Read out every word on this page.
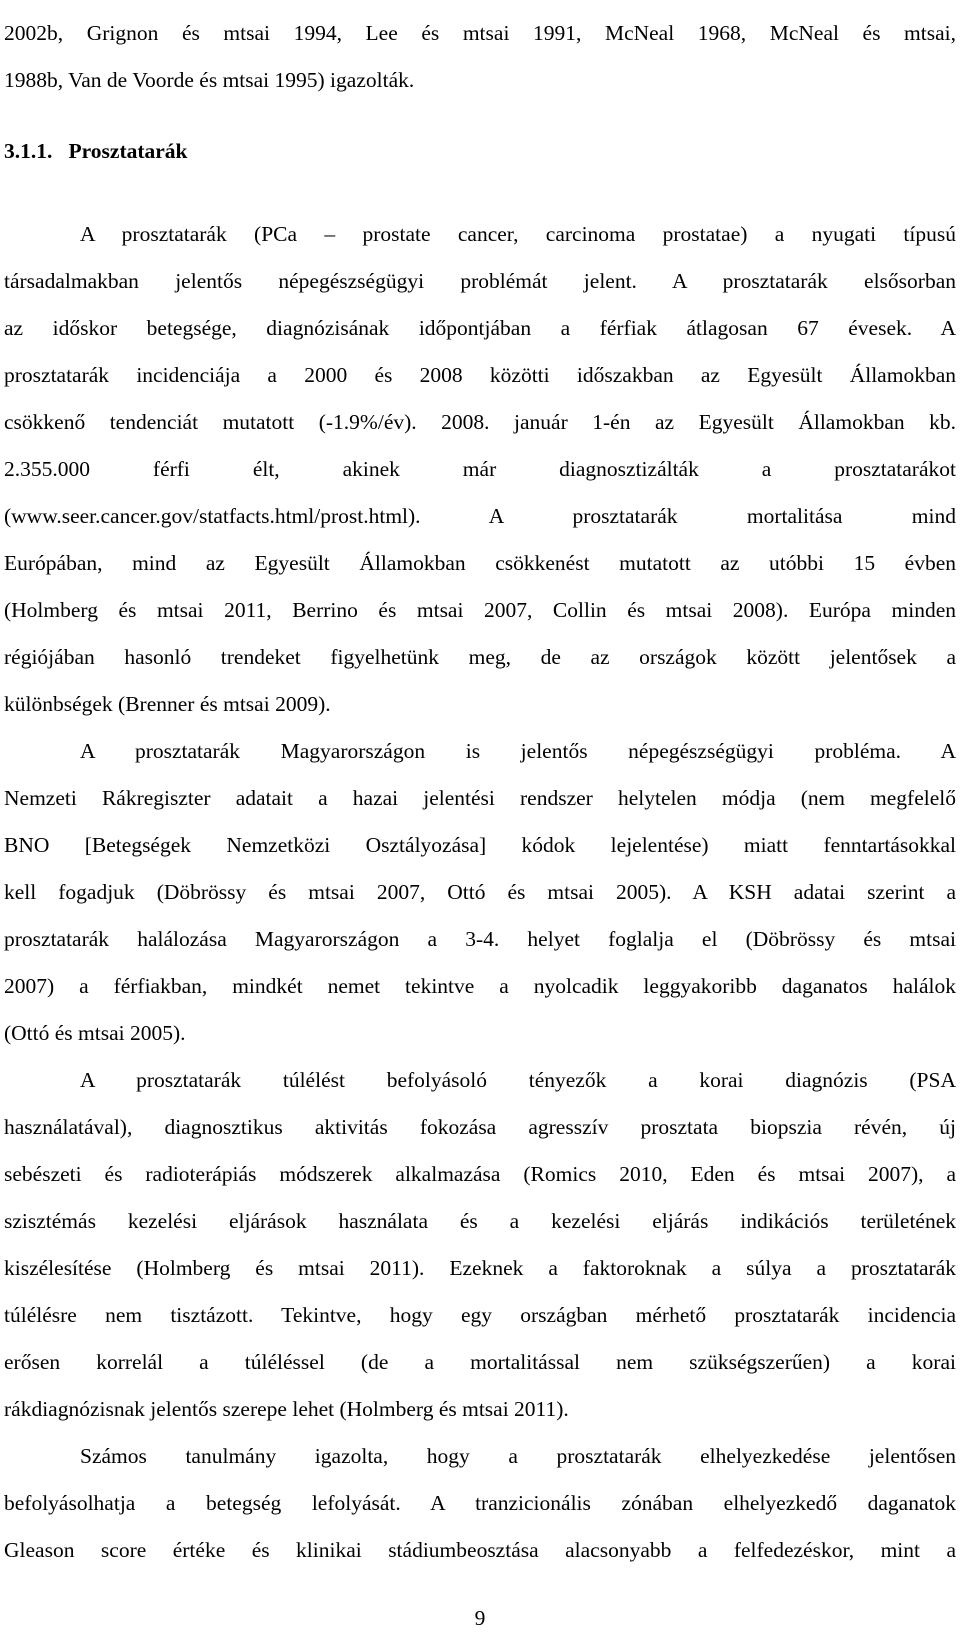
2002b, Grignon és mtsai 1994, Lee és mtsai 1991, McNeal 1968, McNeal és mtsai,
1988b, Van de Voorde és mtsai 1995) igazolták.
3.1.1.   Prosztatarák
A prosztatarák (PCa – prostate cancer, carcinoma prostatae) a nyugati típusú
társadalmakban jelentős népegészségügyi problémát jelent. A prosztatarák elsősorban
az időskor betegsége, diagnózisának időpontjában a férfiak átlagosan 67 évesek. A
prosztatarák incidenciája a 2000 és 2008 közötti időszakban az Egyesült Államokban
csökkenő tendenciát mutatott (-1.9%/év). 2008. január 1-én az Egyesült Államokban kb.
2.355.000 férfi élt, akinek már diagnosztizálták a prosztatarákot
(www.seer.cancer.gov/statfacts.html/prost.html). A prosztatarák mortalitása mind
Európában, mind az Egyesült Államokban csökkenést mutatott az utóbbi 15 évben
(Holmberg és mtsai 2011, Berrino és mtsai 2007, Collin és mtsai 2008). Európa minden
régiójában hasonló trendeket figyelhetünk meg, de az országok között jelentősek a
különbségek (Brenner és mtsai 2009).
A prosztatarák Magyarországon is jelentős népegészségügyi probléma. A
Nemzeti Rákregiszter adatait a hazai jelentési rendszer helytelen módja (nem megfelelő
BNO [Betegségek Nemzetközi Osztályozása] kódok lejelentése) miatt fenntartásokkal
kell fogadjuk (Döbrössy és mtsai 2007, Ottó és mtsai 2005). A KSH adatai szerint a
prosztatarák halálozása Magyarországon a 3-4. helyet foglalja el (Döbrössy és mtsai
2007) a férfiakban, mindkét nemet tekintve a nyolcadik leggyakoribb daganatos halálok
(Ottó és mtsai 2005).
A prosztatarák túlélést befolyásoló tényezők a korai diagnózis (PSA
használatával), diagnosztikus aktivitás fokozása agresszív prosztata biopszia révén, új
sebészeti és radioterápiás módszerek alkalmazása (Romics 2010, Eden és mtsai 2007), a
szisztémás kezelési eljárások használata és a kezelési eljárás indikációs területének
kiszélesítése (Holmberg és mtsai 2011). Ezeknek a faktoroknak a súlya a prosztatarák
túlélésre nem tisztázott. Tekintve, hogy egy országban mérhető prosztatarák incidencia
erősen korrelál a túléléssel (de a mortalitással nem szükségszerűen) a korai
rákdiagnózisnak jelentős szerepe lehet (Holmberg és mtsai 2011).
Számos tanulmány igazolta, hogy a prosztatarák elhelyezkedése jelentősen
befolyásolhatja a betegség lefolyását. A tranzicionális zónában elhelyezkedő daganatok
Gleason score értéke és klinikai stádiumbeosztása alacsonyabb a felfedezéskor, mint a
9
